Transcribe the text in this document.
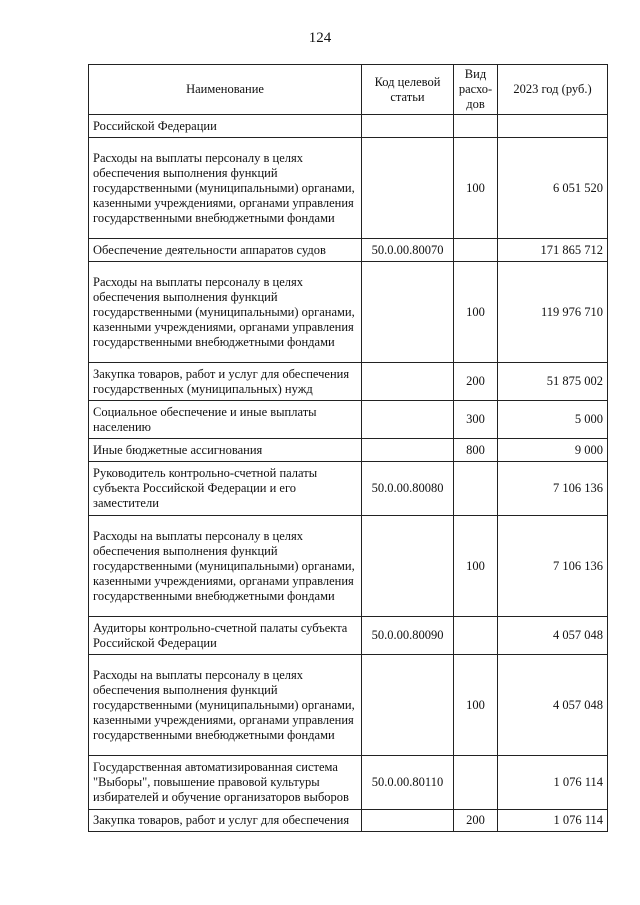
124
Наименование	Код целевой статьи	Вид расхо-дов	2023 год (руб.)
Российской Федерации			
Расходы на выплаты персоналу в целях обеспечения выполнения функций государственными (муниципальными) органами, казенными учреждениями, органами управления государственными внебюджетными фондами		100	6 051 520
Обеспечение деятельности аппаратов судов	50.0.00.80070		171 865 712
Расходы на выплаты персоналу в целях обеспечения выполнения функций государственными (муниципальными) органами, казенными учреждениями, органами управления государственными внебюджетными фондами		100	119 976 710
Закупка товаров, работ и услуг для обеспечения государственных (муниципальных) нужд		200	51 875 002
Социальное обеспечение и иные выплаты населению		300	5 000
Иные бюджетные ассигнования		800	9 000
Руководитель контрольно-счетной палаты субъекта Российской Федерации и его заместители	50.0.00.80080		7 106 136
Расходы на выплаты персоналу в целях обеспечения выполнения функций государственными (муниципальными) органами, казенными учреждениями, органами управления государственными внебюджетными фондами		100	7 106 136
Аудиторы контрольно-счетной палаты субъекта Российской Федерации	50.0.00.80090		4 057 048
Расходы на выплаты персоналу в целях обеспечения выполнения функций государственными (муниципальными) органами, казенными учреждениями, органами управления государственными внебюджетными фондами		100	4 057 048
Государственная автоматизированная система "Выборы", повышение правовой культуры избирателей и обучение организаторов выборов	50.0.00.80110		1 076 114
Закупка товаров, работ и услуг для обеспечения		200	1 076 114
